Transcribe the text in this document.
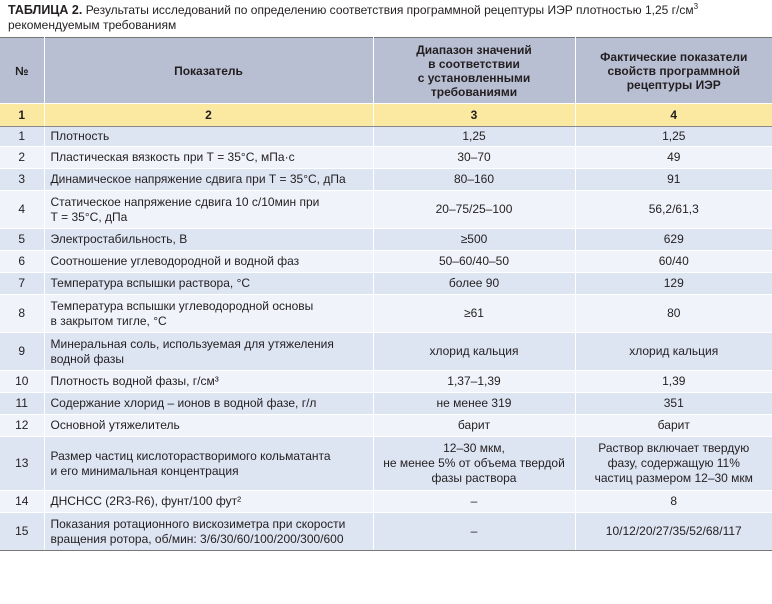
ТАБЛИЦА 2. Результаты исследований по определению соответствия программной рецептуры ИЭР плотностью 1,25 $г/см^3$
рекомендуемым требованиям
№	Показатель	Диапазон значений
в соответствии
с установленными требованиями	Фактические показатели
свойств программной
рецептуры ИЭР
1	2	3	4
1	Плотность	1,25	1,25
2	Пластическая вязкость при Т = 35°С, мПа·с	30–70	49
3	Динамическое напряжение сдвига при Т = 35°С, дПа	80–160	91
4	Статическое напряжение сдвига 10 с/10мин при
Т = 35°С, дПа	20–75/25–100	56,2/61,3
5	Электростабильность, В	≥500	629
6	Соотношение углеводородной и водной фаз	50–60/40–50	60/40
7	Температура вспышки раствора, °С	более 90	129
8	Температура вспышки углеводородной основы
в закрытом тигле, °С	≥61	80
9	Минеральная соль, используемая для утяжеления
водной фазы	хлорид кальция	хлорид кальция
10	Плотность водной фазы, г/см³	1,37–1,39	1,39
11	Содержание хлорид – ионов в водной фазе, г/л	не менее 319	351
12	Основной утяжелитель	барит	барит
13	Размер частиц кислоторастворимого кольматанта
и его минимальная концентрация	12–30 мкм,
не менее 5% от объема твердой
фазы раствора	Раствор включает твердую
фазу, содержащую 11%
частиц размером 12–30 мкм
14	ДНСНСС (2R3-R6), фунт/100 фут²	–	8
15	Показания ротационного вискозиметра при скорости
вращения ротора, об/мин: 3/6/30/60/100/200/300/600	–	10/12/20/27/35/52/68/117
